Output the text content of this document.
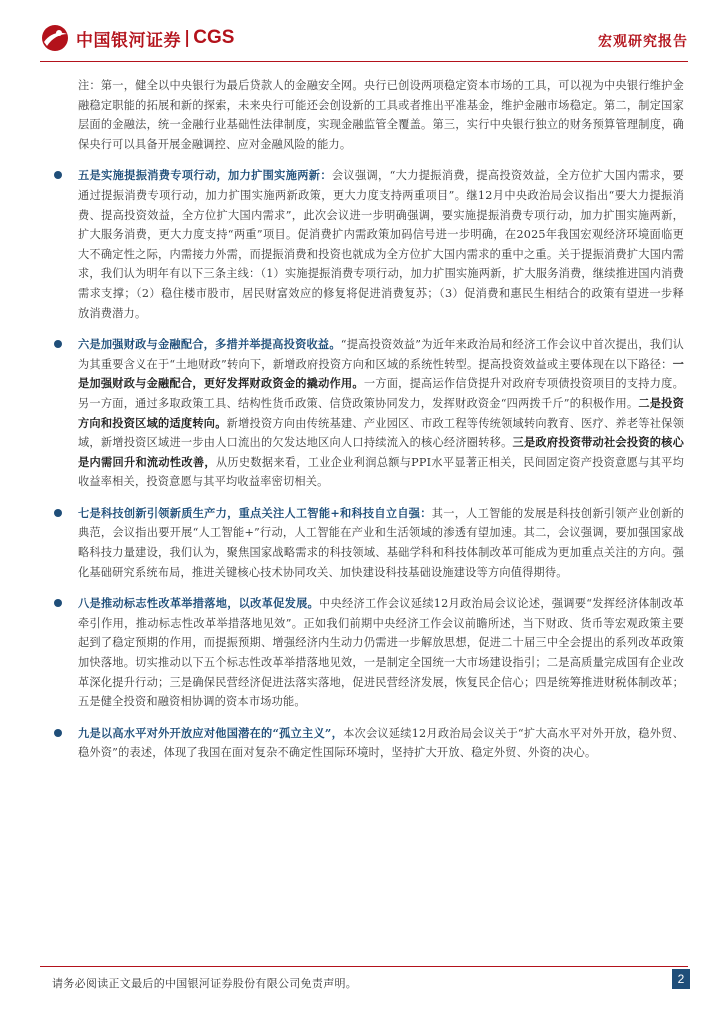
中国银河证券 | CGS	宏观研究报告

注：第一，健全以中央银行为最后贷款人的金融安全网。央行已创设两项稳定资本市场的工具，可以视为中央银行维护金融稳定职能的拓展和新的探索，未来央行可能还会创设新的工具或者推出平准基金，维护金融市场稳定。第二，制定国家层面的金融法，统一金融行业基础性法律制度，实现金融监管全覆盖。第三，实行中央银行独立的财务预算管理制度，确保央行可以具备开展金融调控、应对金融风险的能力。

五是实施提振消费专项行动，加力扩围实施两新：会议强调，“大力提振消费，提高投资效益，全方位扩大国内需求，要通过提振消费专项行动，加力扩围实施两新政策，更大力度支持两重项目”。继12月中央政治局会议指出“要大力提振消费、提高投资效益，全方位扩大国内需求”，此次会议进一步明确强调，要实施提振消费专项行动，加力扩围实施两新，扩大服务消费，更大力度支持“两重”项目。促消费扩内需政策加码信号进一步明确，在2025年我国宏观经济环境面临更大不确定性之际，内需接力外需，而提振消费和投资也就成为全方位扩大国内需求的重中之重。关于提振消费扩大国内需求，我们认为明年有以下三条主线：（1）实施提振消费专项行动，加力扩围实施两新，扩大服务消费，继续推进国内消费需求支撑；（2）稳住楼市股市，居民财富效应的修复将促进消费复苏；（3）促消费和惠民生相结合的政策有望进一步释放消费潜力。

六是加强财政与金融配合，多措并举提高投资收益。“提高投资效益”为近年来政治局和经济工作会议中首次提出，我们认为其重要含义在于“土地财政”转向下，新增政府投资方向和区域的系统性转型。提高投资效益或主要体现在以下路径：一是加强财政与金融配合，更好发挥财政资金的撬动作用。一方面，提高运作信贷提升对政府专项债投资项目的支持力度。另一方面，通过多取政策工具、结构性货币政策、信贷政策协同发力，发挥财政资金“四两拨千斤”的积极作用。二是投资方向和投资区域的适度转向。新增投资方向由传统基建、产业园区、市政工程等传统领域转向教育、医疗、养老等社保领域，新增投资区域进一步由人口流出的欠发达地区向人口持续流入的核心经济圈转移。三是政府投资带动社会投资的核心是内需回升和流动性改善，从历史数据来看，工业企业利润总额与PPI水平显著正相关，民间固定资产投资意愿与其平均收益率相关，投资意愿与其平均收益率密切相关。

七是科技创新引领新质生产力，重点关注人工智能+和科技自立自强：其一，人工智能的发展是科技创新引领产业创新的典范，会议指出要开展“人工智能+”行动，人工智能在产业和生活领域的渗透有望加速。其二，会议强调，要加强国家战略科技力量建设，我们认为，聚焦国家战略需求的科技领域、基础学科和科技体制改革可能成为更加重点关注的方向。强化基础研究系统布局，推进关键核心技术协同攻关、加快建设科技基础设施建设等方向值得期待。

八是推动标志性改革举措落地，以改革促发展。中央经济工作会议延续12月政治局会议论述，强调要“发挥经济体制改革牵引作用，推动标志性改革举措落地见效”。正如我们前期中央经济工作会议前瞻所述，当下财政、货币等宏观政策主要起到了稳定预期的作用，而提振预期、增强经济内生动力仍需进一步解放思想，促进二十届三中全会提出的系列改革政策加快落地。切实推动以下五个标志性改革举措落地见效，一是制定全国统一大市场建设指引；二是高质量完成国有企业改革深化提升行动；三是确保民营经济促进法落实落地，促进民营经济发展，恢复民企信心；四是统筹推进财税体制改革；五是健全投资和融资相协调的资本市场功能。

九是以高水平对外开放应对他国潜在的“孤立主义”，本次会议延续12月政治局会议关于“扩大高水平对外开放，稳外贸、稳外资”的表述，体现了我国在面对复杂不确定性国际环境时，坚持扩大开放、稳定外贸、外资的决心。

请务必阅读正文最后的中国银河证券股份有限公司免责声明。	2
